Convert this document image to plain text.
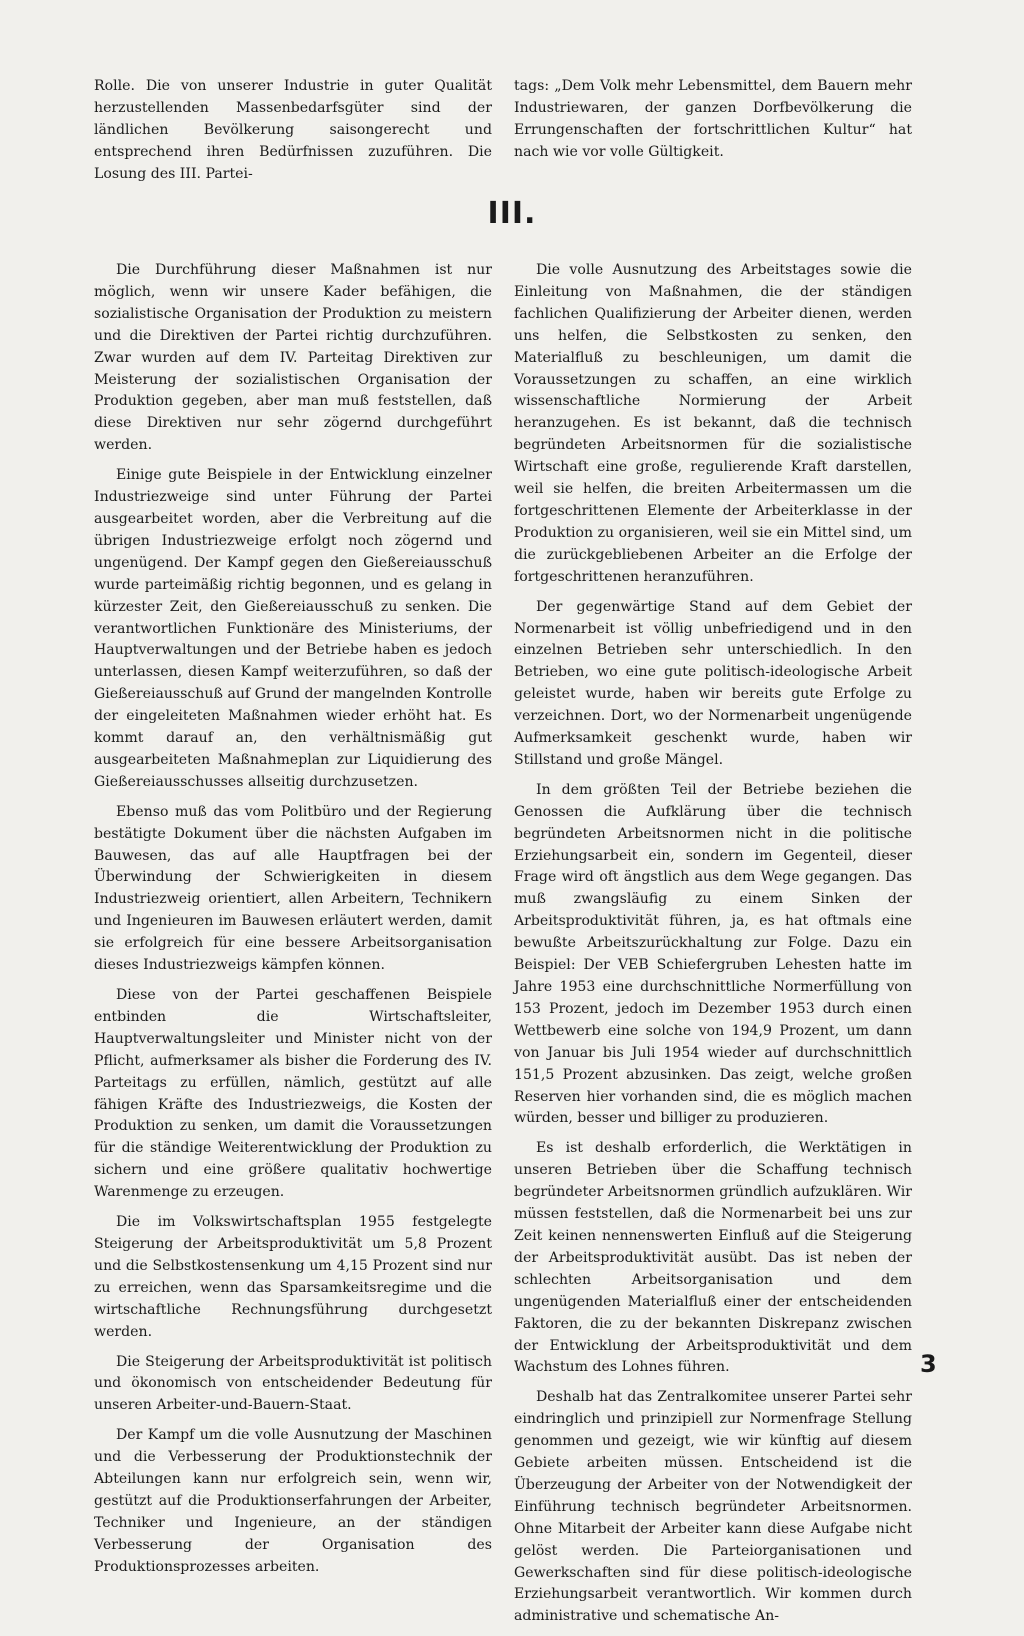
Rolle. Die von unserer Industrie in guter Qualität herzustellenden Massenbedarfsgüter sind der ländlichen Bevölkerung saisongerecht und entsprechend ihren Bedürfnissen zuzuführen. Die Losung des III. Partei-

tags: „Dem Volk mehr Lebensmittel, dem Bauern mehr Industriewaren, der ganzen Dorfbevölkerung die Errungenschaften der fortschrittlichen Kultur“ hat nach wie vor volle Gültigkeit.

III.

Die Durchführung dieser Maßnahmen ist nur möglich, wenn wir unsere Kader befähigen, die sozialistische Organisation der Produktion zu meistern und die Direktiven der Partei richtig durchzuführen. Zwar wurden auf dem IV. Parteitag Direktiven zur Meisterung der sozialistischen Organisation der Produktion gegeben, aber man muß feststellen, daß diese Direktiven nur sehr zögernd durchgeführt werden.

Einige gute Beispiele in der Entwicklung einzelner Industriezweige sind unter Führung der Partei ausgearbeitet worden, aber die Verbreitung auf die übrigen Industriezweige erfolgt noch zögernd und ungenügend. Der Kampf gegen den Gießereiausschuß wurde parteimäßig richtig begonnen, und es gelang in kürzester Zeit, den Gießereiausschuß zu senken. Die verantwortlichen Funktionäre des Ministeriums, der Hauptverwaltungen und der Betriebe haben es jedoch unterlassen, diesen Kampf weiterzuführen, so daß der Gießereiausschuß auf Grund der mangelnden Kontrolle der eingeleiteten Maßnahmen wieder erhöht hat. Es kommt darauf an, den verhältnismäßig gut ausgearbeiteten Maßnahmeplan zur Liquidierung des Gießereiausschusses allseitig durchzusetzen.

Ebenso muß das vom Politbüro und der Regierung bestätigte Dokument über die nächsten Aufgaben im Bauwesen, das auf alle Hauptfragen bei der Überwindung der Schwierigkeiten in diesem Industriezweig orientiert, allen Arbeitern, Technikern und Ingenieuren im Bauwesen erläutert werden, damit sie erfolgreich für eine bessere Arbeitsorganisation dieses Industriezweigs kämpfen können.

Diese von der Partei geschaffenen Beispiele entbinden die Wirtschaftsleiter, Hauptverwaltungsleiter und Minister nicht von der Pflicht, aufmerksamer als bisher die Forderung des IV. Parteitags zu erfüllen, nämlich, gestützt auf alle fähigen Kräfte des Industriezweigs, die Kosten der Produktion zu senken, um damit die Voraussetzungen für die ständige Weiterentwicklung der Produktion zu sichern und eine größere qualitativ hochwertige Warenmenge zu erzeugen.

Die im Volkswirtschaftsplan 1955 festgelegte Steigerung der Arbeitsproduktivität um 5,8 Prozent und die Selbstkostensenkung um 4,15 Prozent sind nur zu erreichen, wenn das Sparsamkeitsregime und die wirtschaftliche Rechnungsführung durchgesetzt werden.

Die Steigerung der Arbeitsproduktivität ist politisch und ökonomisch von entscheidender Bedeutung für unseren Arbeiter-und-Bauern-Staat.

Der Kampf um die volle Ausnutzung der Maschinen und die Verbesserung der Produktionstechnik der Abteilungen kann nur erfolgreich sein, wenn wir, gestützt auf die Produktionserfahrungen der Arbeiter, Techniker und Ingenieure, an der ständigen Verbesserung der Organisation des Produktionsprozesses arbeiten.

Die volle Ausnutzung des Arbeitstages sowie die Einleitung von Maßnahmen, die der ständigen fachlichen Qualifizierung der Arbeiter dienen, werden uns helfen, die Selbstkosten zu senken, den Materialfluß zu beschleunigen, um damit die Voraussetzungen zu schaffen, an eine wirklich wissenschaftliche Normierung der Arbeit heranzugehen. Es ist bekannt, daß die technisch begründeten Arbeitsnormen für die sozialistische Wirtschaft eine große, regulierende Kraft darstellen, weil sie helfen, die breiten Arbeitermassen um die fortgeschrittenen Elemente der Arbeiterklasse in der Produktion zu organisieren, weil sie ein Mittel sind, um die zurückgebliebenen Arbeiter an die Erfolge der fortgeschrittenen heranzuführen.

Der gegenwärtige Stand auf dem Gebiet der Normenarbeit ist völlig unbefriedigend und in den einzelnen Betrieben sehr unterschiedlich. In den Betrieben, wo eine gute politisch-ideologische Arbeit geleistet wurde, haben wir bereits gute Erfolge zu verzeichnen. Dort, wo der Normenarbeit ungenügende Aufmerksamkeit geschenkt wurde, haben wir Stillstand und große Mängel.

In dem größten Teil der Betriebe beziehen die Genossen die Aufklärung über die technisch begründeten Arbeitsnormen nicht in die politische Erziehungsarbeit ein, sondern im Gegenteil, dieser Frage wird oft ängstlich aus dem Wege gegangen. Das muß zwangsläufig zu einem Sinken der Arbeitsproduktivität führen, ja, es hat oftmals eine bewußte Arbeitszurückhaltung zur Folge. Dazu ein Beispiel: Der VEB Schiefergruben Lehesten hatte im Jahre 1953 eine durchschnittliche Normerfüllung von 153 Prozent, jedoch im Dezember 1953 durch einen Wettbewerb eine solche von 194,9 Prozent, um dann von Januar bis Juli 1954 wieder auf durchschnittlich 151,5 Prozent abzusinken. Das zeigt, welche großen Reserven hier vorhanden sind, die es möglich machen würden, besser und billiger zu produzieren.

Es ist deshalb erforderlich, die Werktätigen in unseren Betrieben über die Schaffung technisch begründeter Arbeitsnormen gründlich aufzuklären. Wir müssen feststellen, daß die Normenarbeit bei uns zur Zeit keinen nennenswerten Einfluß auf die Steigerung der Arbeitsproduktivität ausübt. Das ist neben der schlechten Arbeitsorganisation und dem ungenügenden Materialfluß einer der entscheidenden Faktoren, die zu der bekannten Diskrepanz zwischen der Entwicklung der Arbeitsproduktivität und dem Wachstum des Lohnes führen.

Deshalb hat das Zentralkomitee unserer Partei sehr eindringlich und prinzipiell zur Normenfrage Stellung genommen und gezeigt, wie wir künftig auf diesem Gebiete arbeiten müssen. Entscheidend ist die Überzeugung der Arbeiter von der Notwendigkeit der Einführung technisch begründeter Arbeitsnormen. Ohne Mitarbeit der Arbeiter kann diese Aufgabe nicht gelöst werden. Die Parteiorganisationen und Gewerkschaften sind für diese politisch-ideologische Erziehungsarbeit verantwortlich. Wir kommen durch administrative und schematische An-

3
